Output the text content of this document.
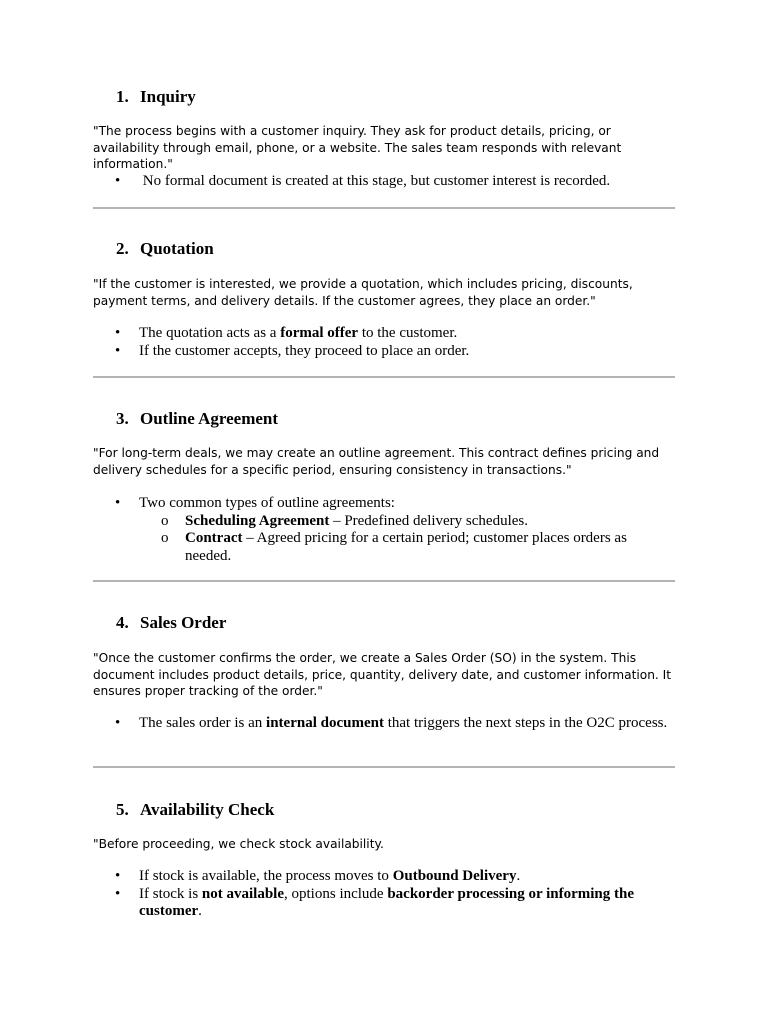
1. Inquiry

"The process begins with a customer inquiry. They ask for product details, pricing, or availability through email, phone, or a website. The sales team responds with relevant information."

•  No formal document is created at this stage, but customer interest is recorded.
2. Quotation

"If the customer is interested, we provide a quotation, which includes pricing, discounts, payment terms, and delivery details. If the customer agrees, they place an order."

• The quotation acts as a formal offer to the customer.
• If the customer accepts, they proceed to place an order.
3. Outline Agreement

"For long-term deals, we may create an outline agreement. This contract defines pricing and delivery schedules for a specific period, ensuring consistency in transactions."

• Two common types of outline agreements:
o Scheduling Agreement – Predefined delivery schedules.
o Contract – Agreed pricing for a certain period; customer places orders as needed.
4. Sales Order

"Once the customer confirms the order, we create a Sales Order (SO) in the system. This document includes product details, price, quantity, delivery date, and customer information. It ensures proper tracking of the order."

• The sales order is an internal document that triggers the next steps in the O2C process.
5. Availability Check

"Before proceeding, we check stock availability.

• If stock is available, the process moves to Outbound Delivery.
• If stock is not available, options include backorder processing or informing the customer.
